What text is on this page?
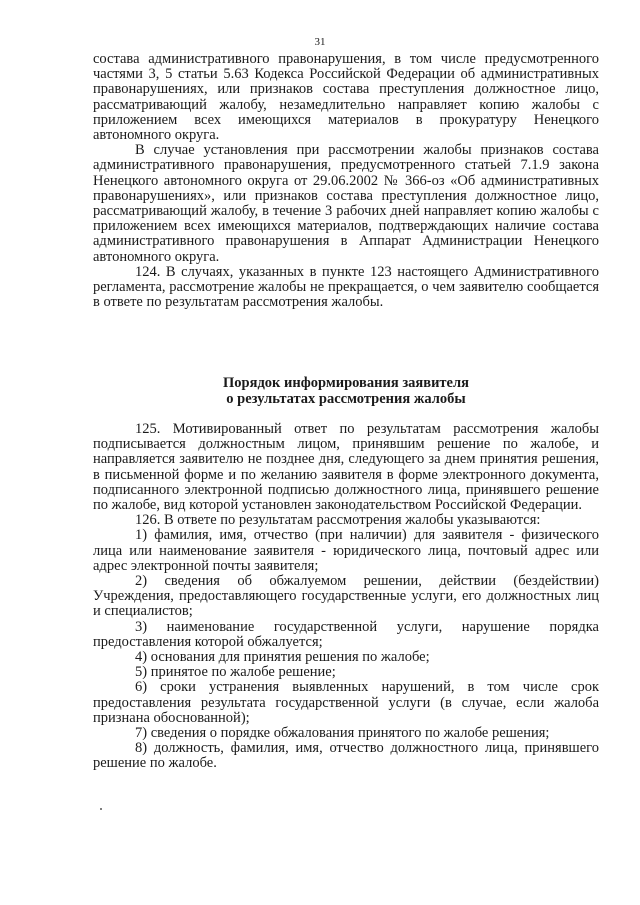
31

состава административного правонарушения, в том числе предусмотренного частями 3, 5 статьи 5.63 Кодекса Российской Федерации об административных правонарушениях, или признаков состава преступления должностное лицо, рассматривающий жалобу, незамедлительно направляет копию жалобы с приложением всех имеющихся материалов в прокуратуру Ненецкого автономного округа.

В случае установления при рассмотрении жалобы признаков состава административного правонарушения, предусмотренного статьей 7.1.9 закона Ненецкого автономного округа от 29.06.2002 № 366-оз «Об административных правонарушениях», или признаков состава преступления должностное лицо, рассматривающий жалобу, в течение 3 рабочих дней направляет копию жалобы с приложением всех имеющихся материалов, подтверждающих наличие состава административного правонарушения в Аппарат Администрации Ненецкого автономного округа.

124. В случаях, указанных в пункте 123 настоящего Административного регламента, рассмотрение жалобы не прекращается, о чем заявителю сообщается в ответе по результатам рассмотрения жалобы.

Порядок информирования заявителя
о результатах рассмотрения жалобы

125. Мотивированный ответ по результатам рассмотрения жалобы подписывается должностным лицом, принявшим решение по жалобе, и направляется заявителю не позднее дня, следующего за днем принятия решения, в письменной форме и по желанию заявителя в форме электронного документа, подписанного электронной подписью должностного лица, принявшего решение по жалобе, вид которой установлен законодательством Российской Федерации.

126. В ответе по результатам рассмотрения жалобы указываются:

1) фамилия, имя, отчество (при наличии) для заявителя - физического лица или наименование заявителя - юридического лица, почтовый адрес или адрес электронной почты заявителя;

2) сведения об обжалуемом решении, действии (бездействии) Учреждения, предоставляющего государственные услуги, его должностных лиц и специалистов;

3) наименование государственной услуги, нарушение порядка предоставления которой обжалуется;

4) основания для принятия решения по жалобе;

5) принятое по жалобе решение;

6) сроки устранения выявленных нарушений, в том числе срок предоставления результата государственной услуги (в случае, если жалоба признана обоснованной);

7) сведения о порядке обжалования принятого по жалобе решения;

8) должность, фамилия, имя, отчество должностного лица, принявшего решение по жалобе.
